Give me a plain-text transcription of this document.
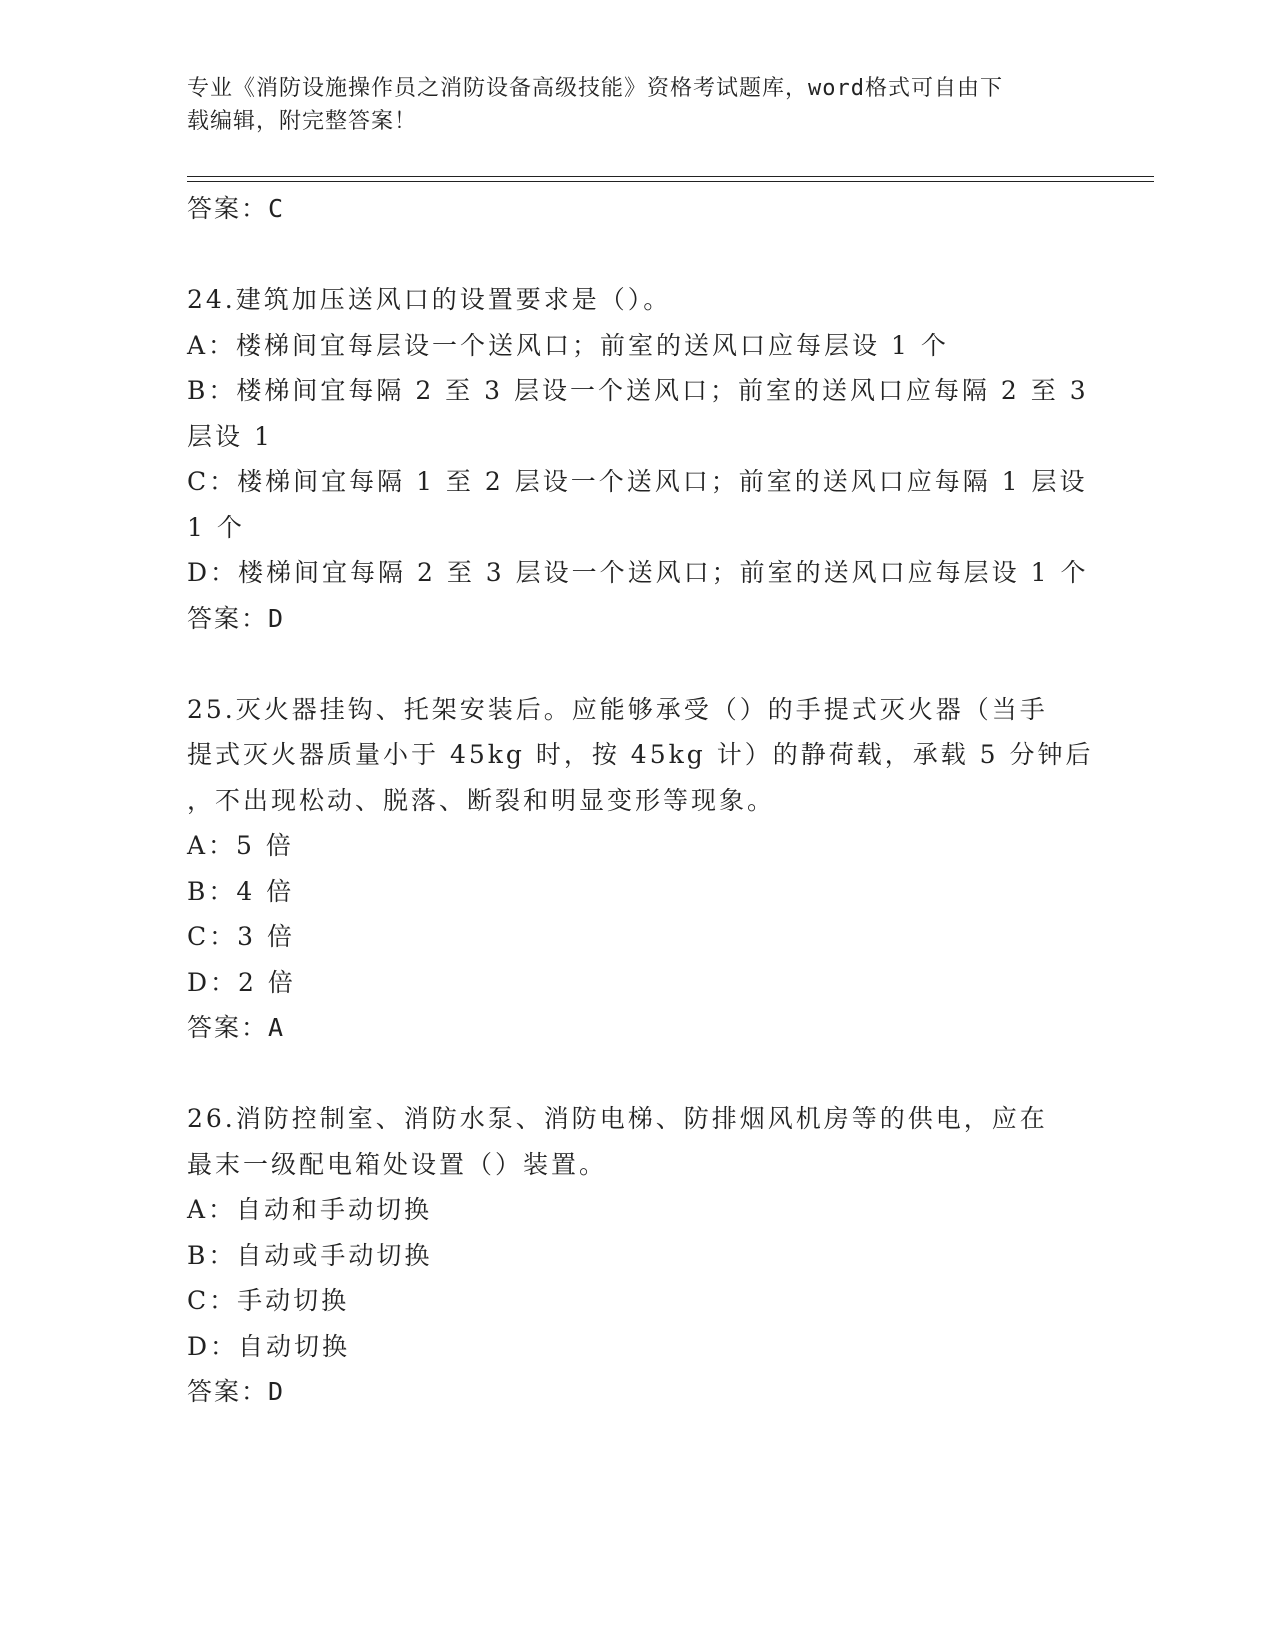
专业《消防设施操作员之消防设备高级技能》资格考试题库，word格式可自由下
载编辑，附完整答案！
答案：C
24.建筑加压送风口的设置要求是（）。
A：楼梯间宜每层设一个送风口；前室的送风口应每层设 1 个
B：楼梯间宜每隔 2 至 3 层设一个送风口；前室的送风口应每隔 2 至 3
层设 1
C：楼梯间宜每隔 1 至 2 层设一个送风口；前室的送风口应每隔 1 层设
1 个
D：楼梯间宜每隔 2 至 3 层设一个送风口；前室的送风口应每层设 1 个
答案：D
25.灭火器挂钩、托架安装后。应能够承受（）的手提式灭火器（当手
提式灭火器质量小于 45kg 时，按 45kg 计）的静荷载，承载 5 分钟后
，不出现松动、脱落、断裂和明显变形等现象。
A：5 倍
B：4 倍
C：3 倍
D：2 倍
答案：A
26.消防控制室、消防水泵、消防电梯、防排烟风机房等的供电，应在
最末一级配电箱处设置（）装置。
A：自动和手动切换
B：自动或手动切换
C：手动切换
D：自动切换
答案：D
